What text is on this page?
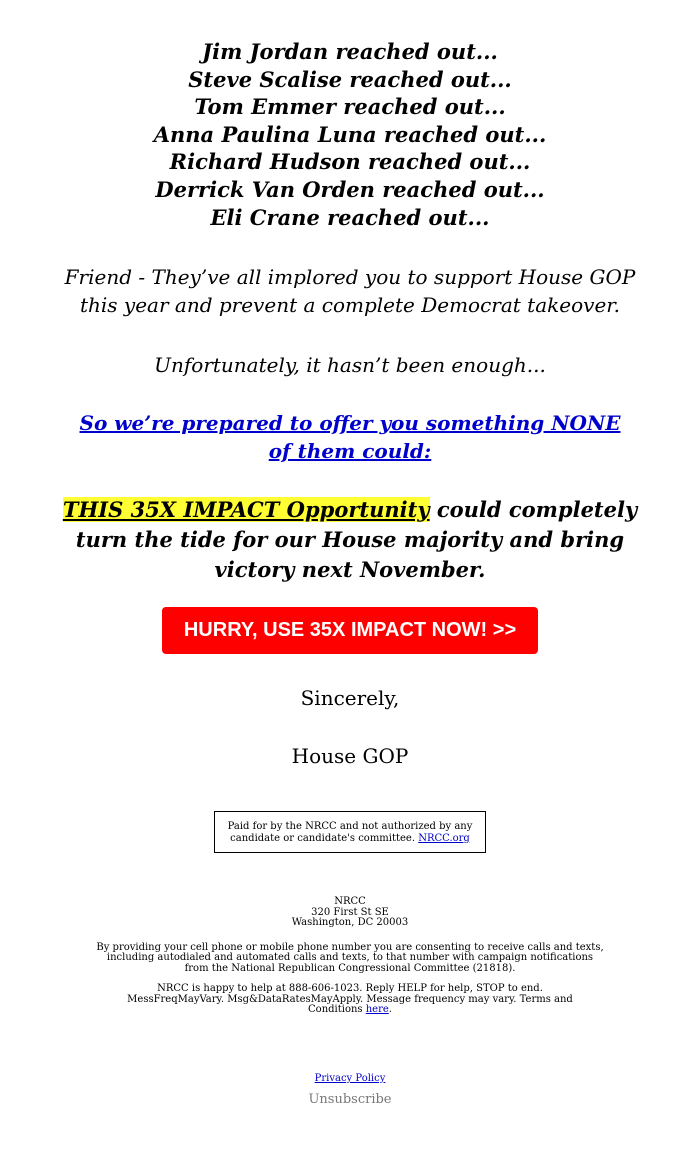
Jim Jordan reached out...
Steve Scalise reached out...
Tom Emmer reached out...
Anna Paulina Luna reached out...
Richard Hudson reached out...
Derrick Van Orden reached out...
Eli Crane reached out...
Friend - They’ve all implored you to support House GOP this year and prevent a complete Democrat takeover.
Unfortunately, it hasn’t been enough...
So we’re prepared to offer you something NONE of them could:
THIS 35X IMPACT Opportunity could completely turn the tide for our House majority and bring victory next November.
HURRY, USE 35X IMPACT NOW! >>
Sincerely,
House GOP
Paid for by the NRCC and not authorized by any candidate or candidate's committee. NRCC.org
NRCC
320 First St SE
Washington, DC 20003
By providing your cell phone or mobile phone number you are consenting to receive calls and texts, including autodialed and automated calls and texts, to that number with campaign notifications from the National Republican Congressional Committee (21818).
NRCC is happy to help at 888-606-1023. Reply HELP for help, STOP to end. MessFreqMayVary. Msg&DataRatesMayApply. Message frequency may vary. Terms and Conditions here.
Privacy Policy
Unsubscribe
